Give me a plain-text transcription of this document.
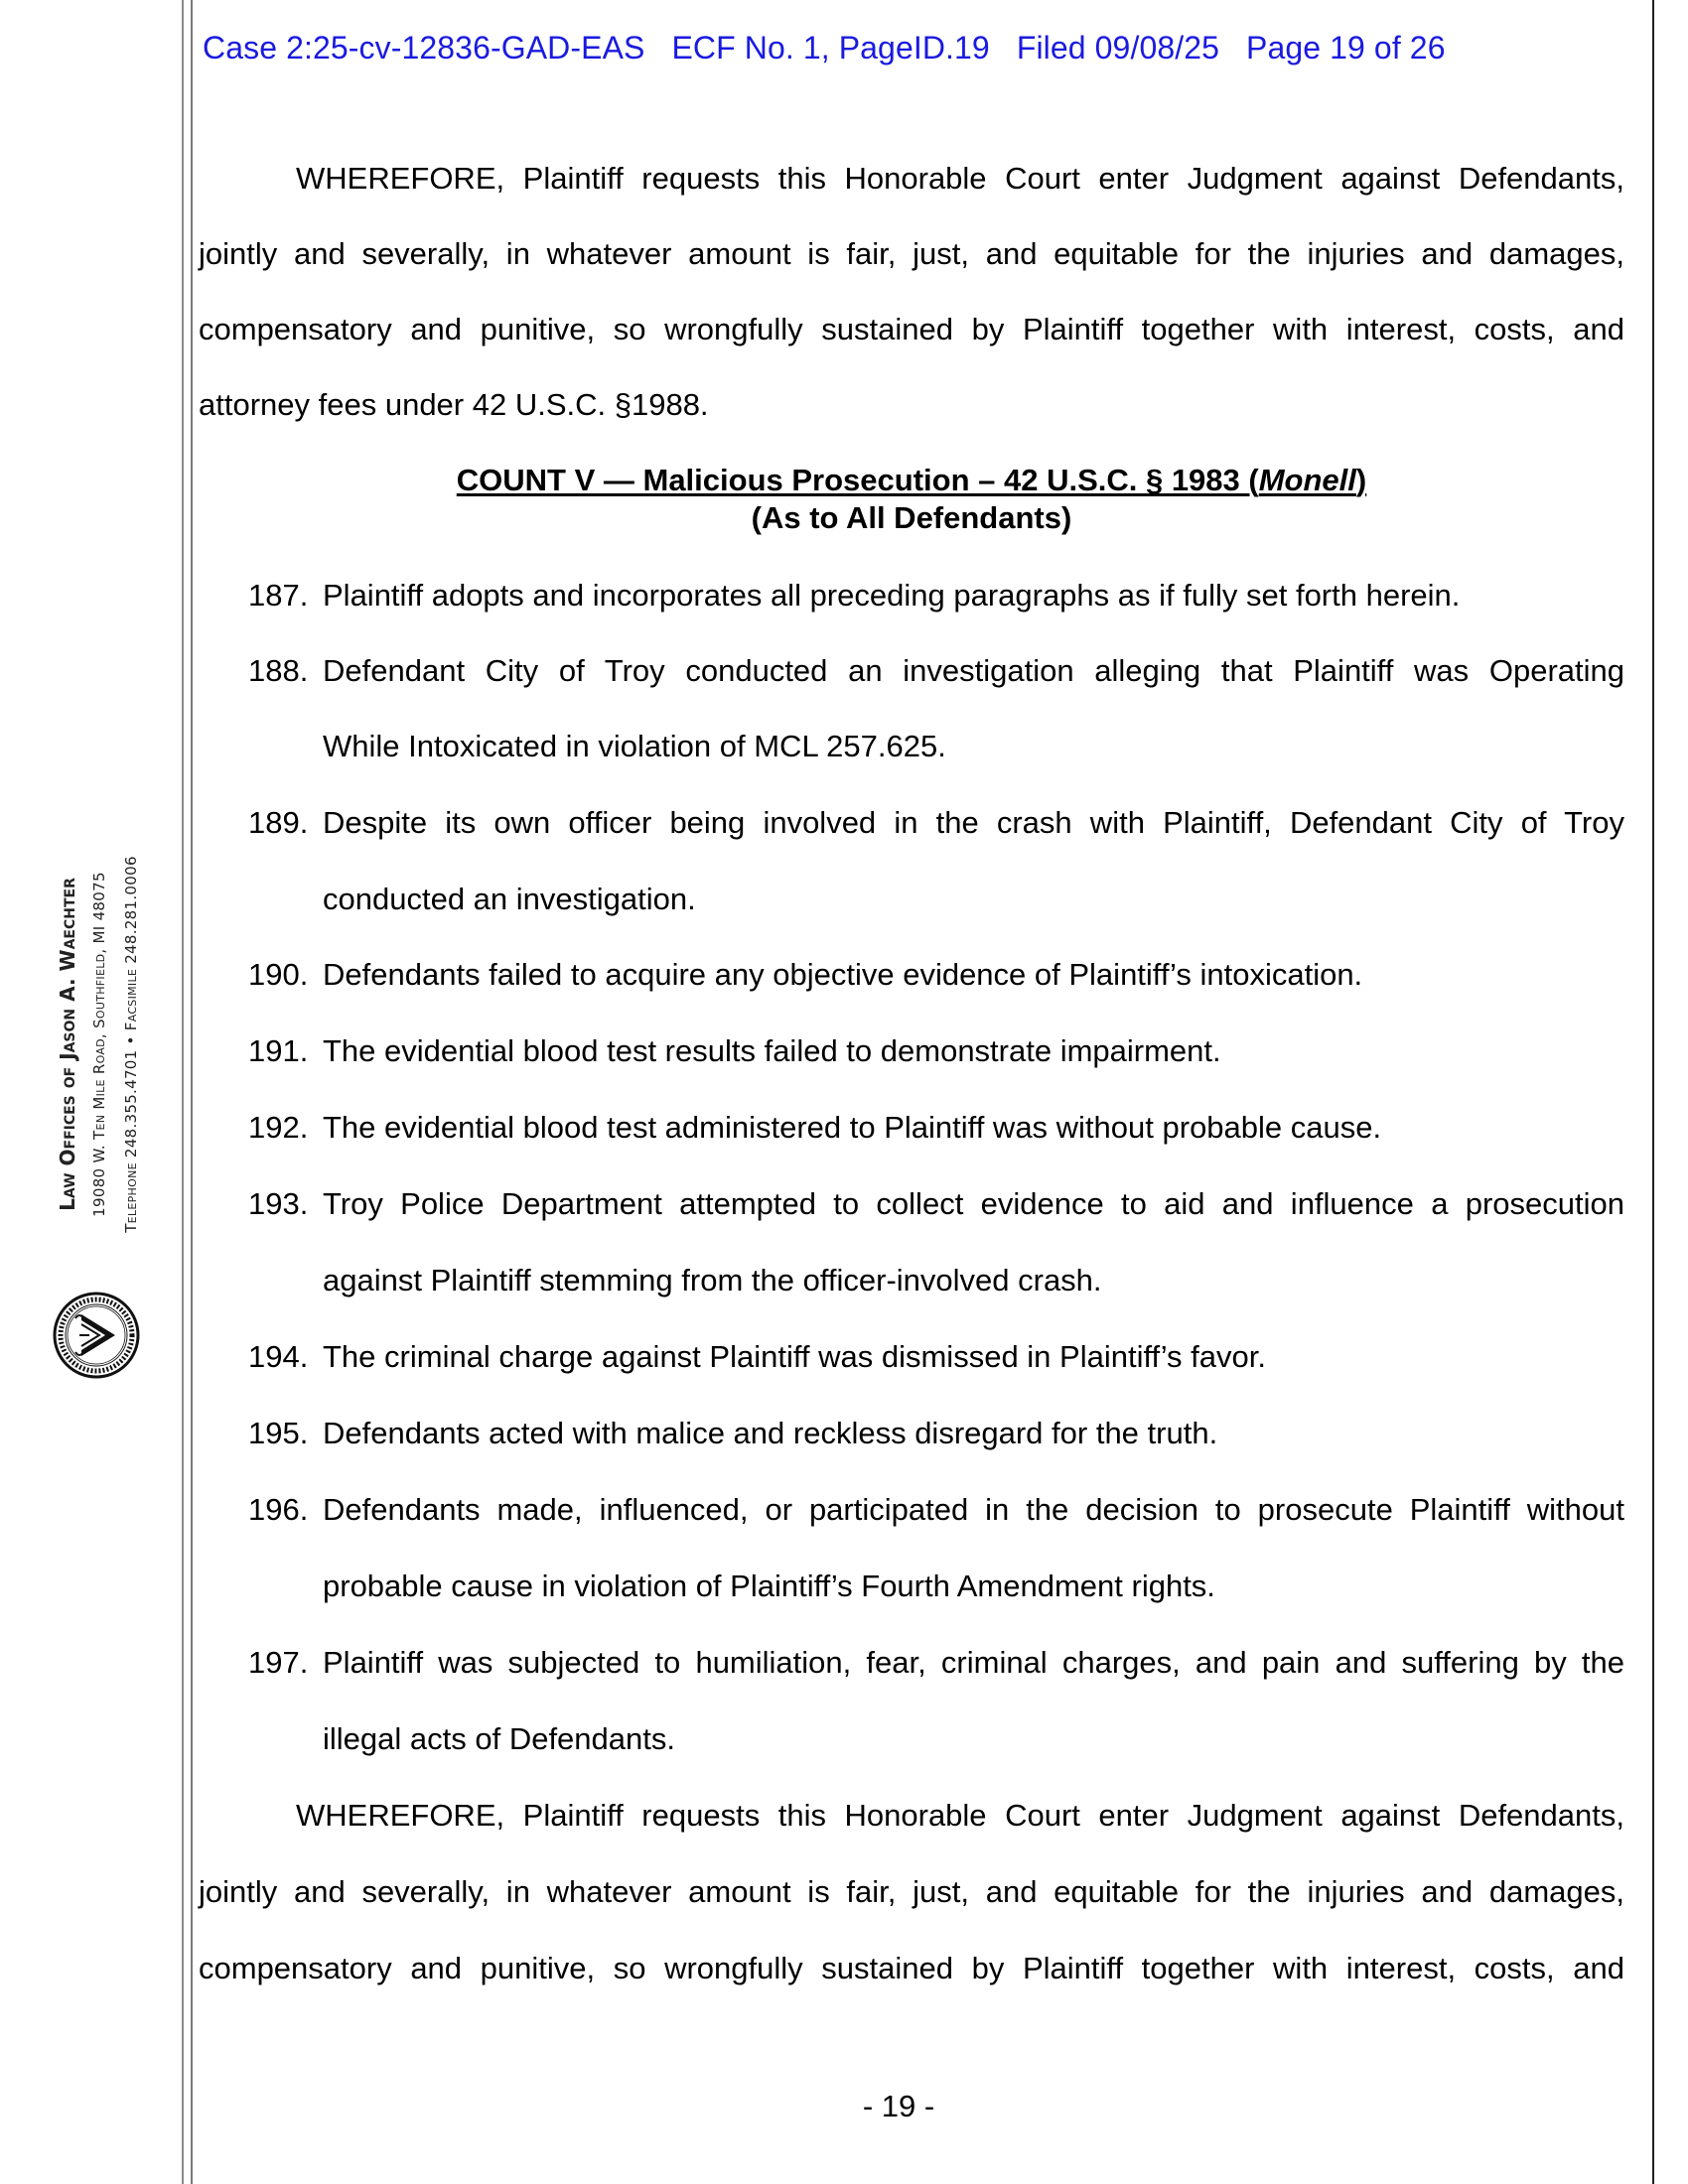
Case 2:25-cv-12836-GAD-EAS ECF No. 1, PageID.19 Filed 09/08/25 Page 19 of 26
Law Offices of Jason A. Waechter 19080 W. Ten Mile Road, Southfield, MI 48075 Telephone 248.355.4701 • Facsimile 248.281.0006
WHEREFORE, Plaintiff requests this Honorable Court enter Judgment against Defendants,
jointly and severally, in whatever amount is fair, just, and equitable for the injuries and damages,
compensatory and punitive, so wrongfully sustained by Plaintiff together with interest, costs, and
attorney fees under 42 U.S.C. §1988.
COUNT V — Malicious Prosecution – 42 U.S.C. § 1983 (Monell)
(As to All Defendants)
187. Plaintiff adopts and incorporates all preceding paragraphs as if fully set forth herein.
188. Defendant City of Troy conducted an investigation alleging that Plaintiff was Operating
While Intoxicated in violation of MCL 257.625.
189. Despite its own officer being involved in the crash with Plaintiff, Defendant City of Troy
conducted an investigation.
190. Defendants failed to acquire any objective evidence of Plaintiff’s intoxication.
191. The evidential blood test results failed to demonstrate impairment.
192. The evidential blood test administered to Plaintiff was without probable cause.
193. Troy Police Department attempted to collect evidence to aid and influence a prosecution
against Plaintiff stemming from the officer-involved crash.
194. The criminal charge against Plaintiff was dismissed in Plaintiff’s favor.
195. Defendants acted with malice and reckless disregard for the truth.
196. Defendants made, influenced, or participated in the decision to prosecute Plaintiff without
probable cause in violation of Plaintiff’s Fourth Amendment rights.
197. Plaintiff was subjected to humiliation, fear, criminal charges, and pain and suffering by the
illegal acts of Defendants.
WHEREFORE, Plaintiff requests this Honorable Court enter Judgment against Defendants,
jointly and severally, in whatever amount is fair, just, and equitable for the injuries and damages,
compensatory and punitive, so wrongfully sustained by Plaintiff together with interest, costs, and
- 19 -
